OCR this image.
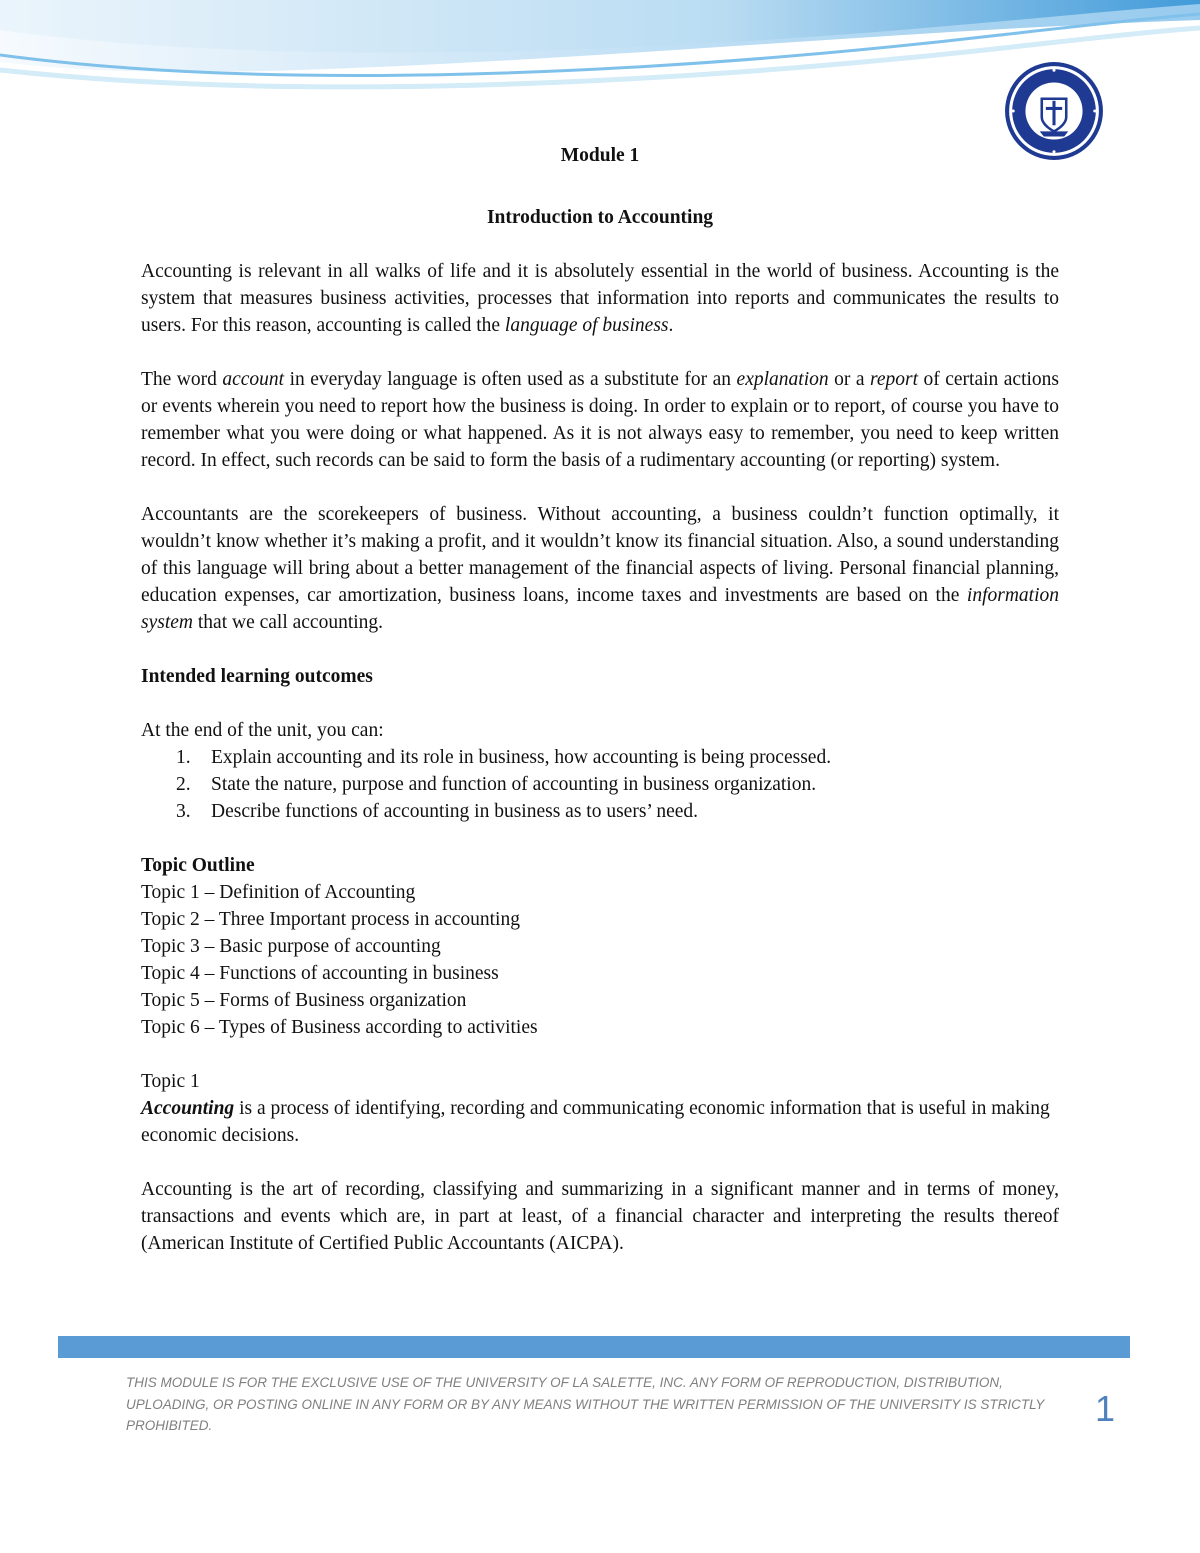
Module 1
Introduction to Accounting

Accounting is relevant in all walks of life and it is absolutely essential in the world of business. Accounting is the system that measures business activities, processes that information into reports and communicates the results to users. For this reason, accounting is called the language of business.

The word account in everyday language is often used as a substitute for an explanation or a report of certain actions or events wherein you need to report how the business is doing. In order to explain or to report, of course you have to remember what you were doing or what happened. As it is not always easy to remember, you need to keep written record. In effect, such records can be said to form the basis of a rudimentary accounting (or reporting) system.

Accountants are the scorekeepers of business. Without accounting, a business couldn’t function optimally, it wouldn’t know whether it’s making a profit, and it wouldn’t know its financial situation. Also, a sound understanding of this language will bring about a better management of the financial aspects of living. Personal financial planning, education expenses, car amortization, business loans, income taxes and investments are based on the information system that we call accounting.

Intended learning outcomes
At the end of the unit, you can:
1. Explain accounting and its role in business, how accounting is being processed.
2. State the nature, purpose and function of accounting in business organization.
3. Describe functions of accounting in business as to users’ need.
Topic Outline
Topic 1 – Definition of Accounting
Topic 2 – Three Important process in accounting
Topic 3 – Basic purpose of accounting
Topic 4 – Functions of accounting in business
Topic 5 – Forms of Business organization
Topic 6 – Types of Business according to activities
Topic 1

Accounting is a process of identifying, recording and communicating economic information that is useful in making economic decisions.

Accounting is the art of recording, classifying and summarizing in a significant manner and in terms of money, transactions and events which are, in part at least, of a financial character and interpreting the results thereof (American Institute of Certified Public Accountants (AICPA).

THIS MODULE IS FOR THE EXCLUSIVE USE OF THE UNIVERSITY OF LA SALETTE, INC. ANY FORM OF REPRODUCTION, DISTRIBUTION, UPLOADING, OR POSTING ONLINE IN ANY FORM OR BY ANY MEANS WITHOUT THE WRITTEN PERMISSION OF THE UNIVERSITY IS STRICTLY PROHIBITED.	1
